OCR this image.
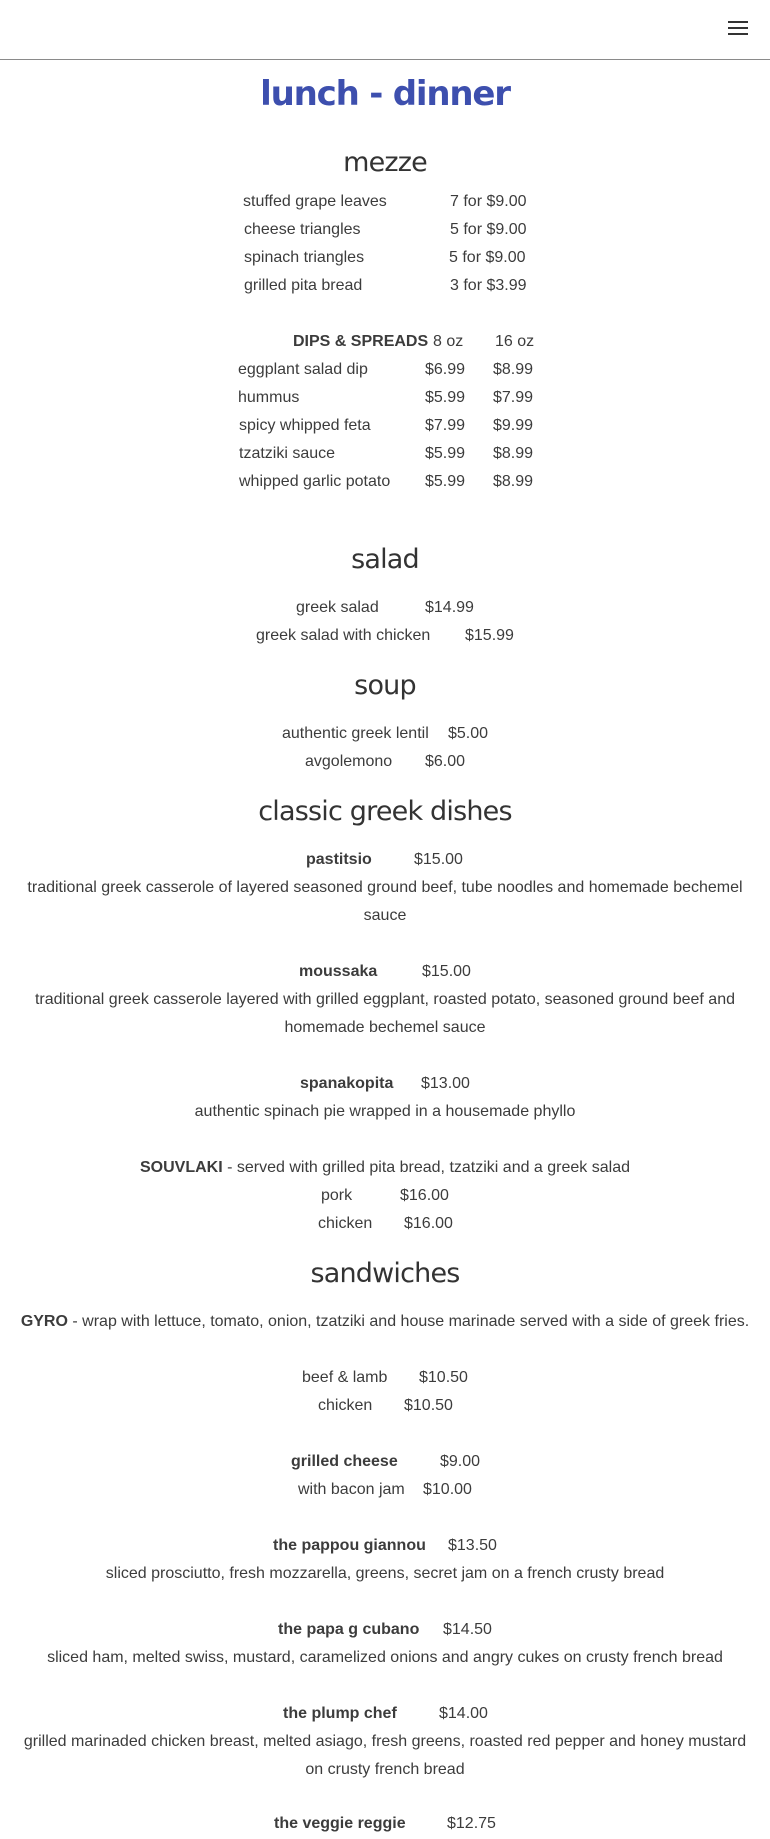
lunch - dinner
mezze
stuffed grape leaves	7 for $9.00
cheese triangles	5 for $9.00
spinach triangles	5 for $9.00
grilled pita bread	3 for $3.99
DIPS & SPREADS 8 oz 16 oz
eggplant salad dip	$6.99 $8.99
hummus	$5.99 $7.99
spicy whipped feta	$7.99 $9.99
tzatziki sauce	$5.99 $8.99
whipped garlic potato $5.99 $8.99
salad
greek salad	$14.99
greek salad with chicken $15.99
soup
authentic greek lentil $5.00
avgolemono $6.00
classic greek dishes
pastitsio	$15.00
traditional greek casserole of layered seasoned ground beef, tube noodles and homemade bechemel sauce
moussaka	$15.00
traditional greek casserole layered with grilled eggplant, roasted potato, seasoned ground beef and homemade bechemel sauce
spanakopita $13.00
authentic spinach pie wrapped in a housemade phyllo
SOUVLAKI - served with grilled pita bread, tzatziki and a greek salad
pork	$16.00
chicken $16.00
sandwiches
GYRO - wrap with lettuce, tomato, onion, tzatziki and house marinade served with a side of greek fries.
beef & lamb $10.50
chicken $10.50
grilled cheese	$9.00
with bacon jam $10.00
the pappou giannou $13.50
sliced prosciutto, fresh mozzarella, greens, secret jam on a french crusty bread
the papa g cubano $14.50
sliced ham, melted swiss, mustard, caramelized onions and angry cukes on crusty french bread
the plump chef	$14.00
grilled marinaded chicken breast, melted asiago, fresh greens, roasted red pepper and honey mustard on crusty french bread
the veggie reggie	$12.75
